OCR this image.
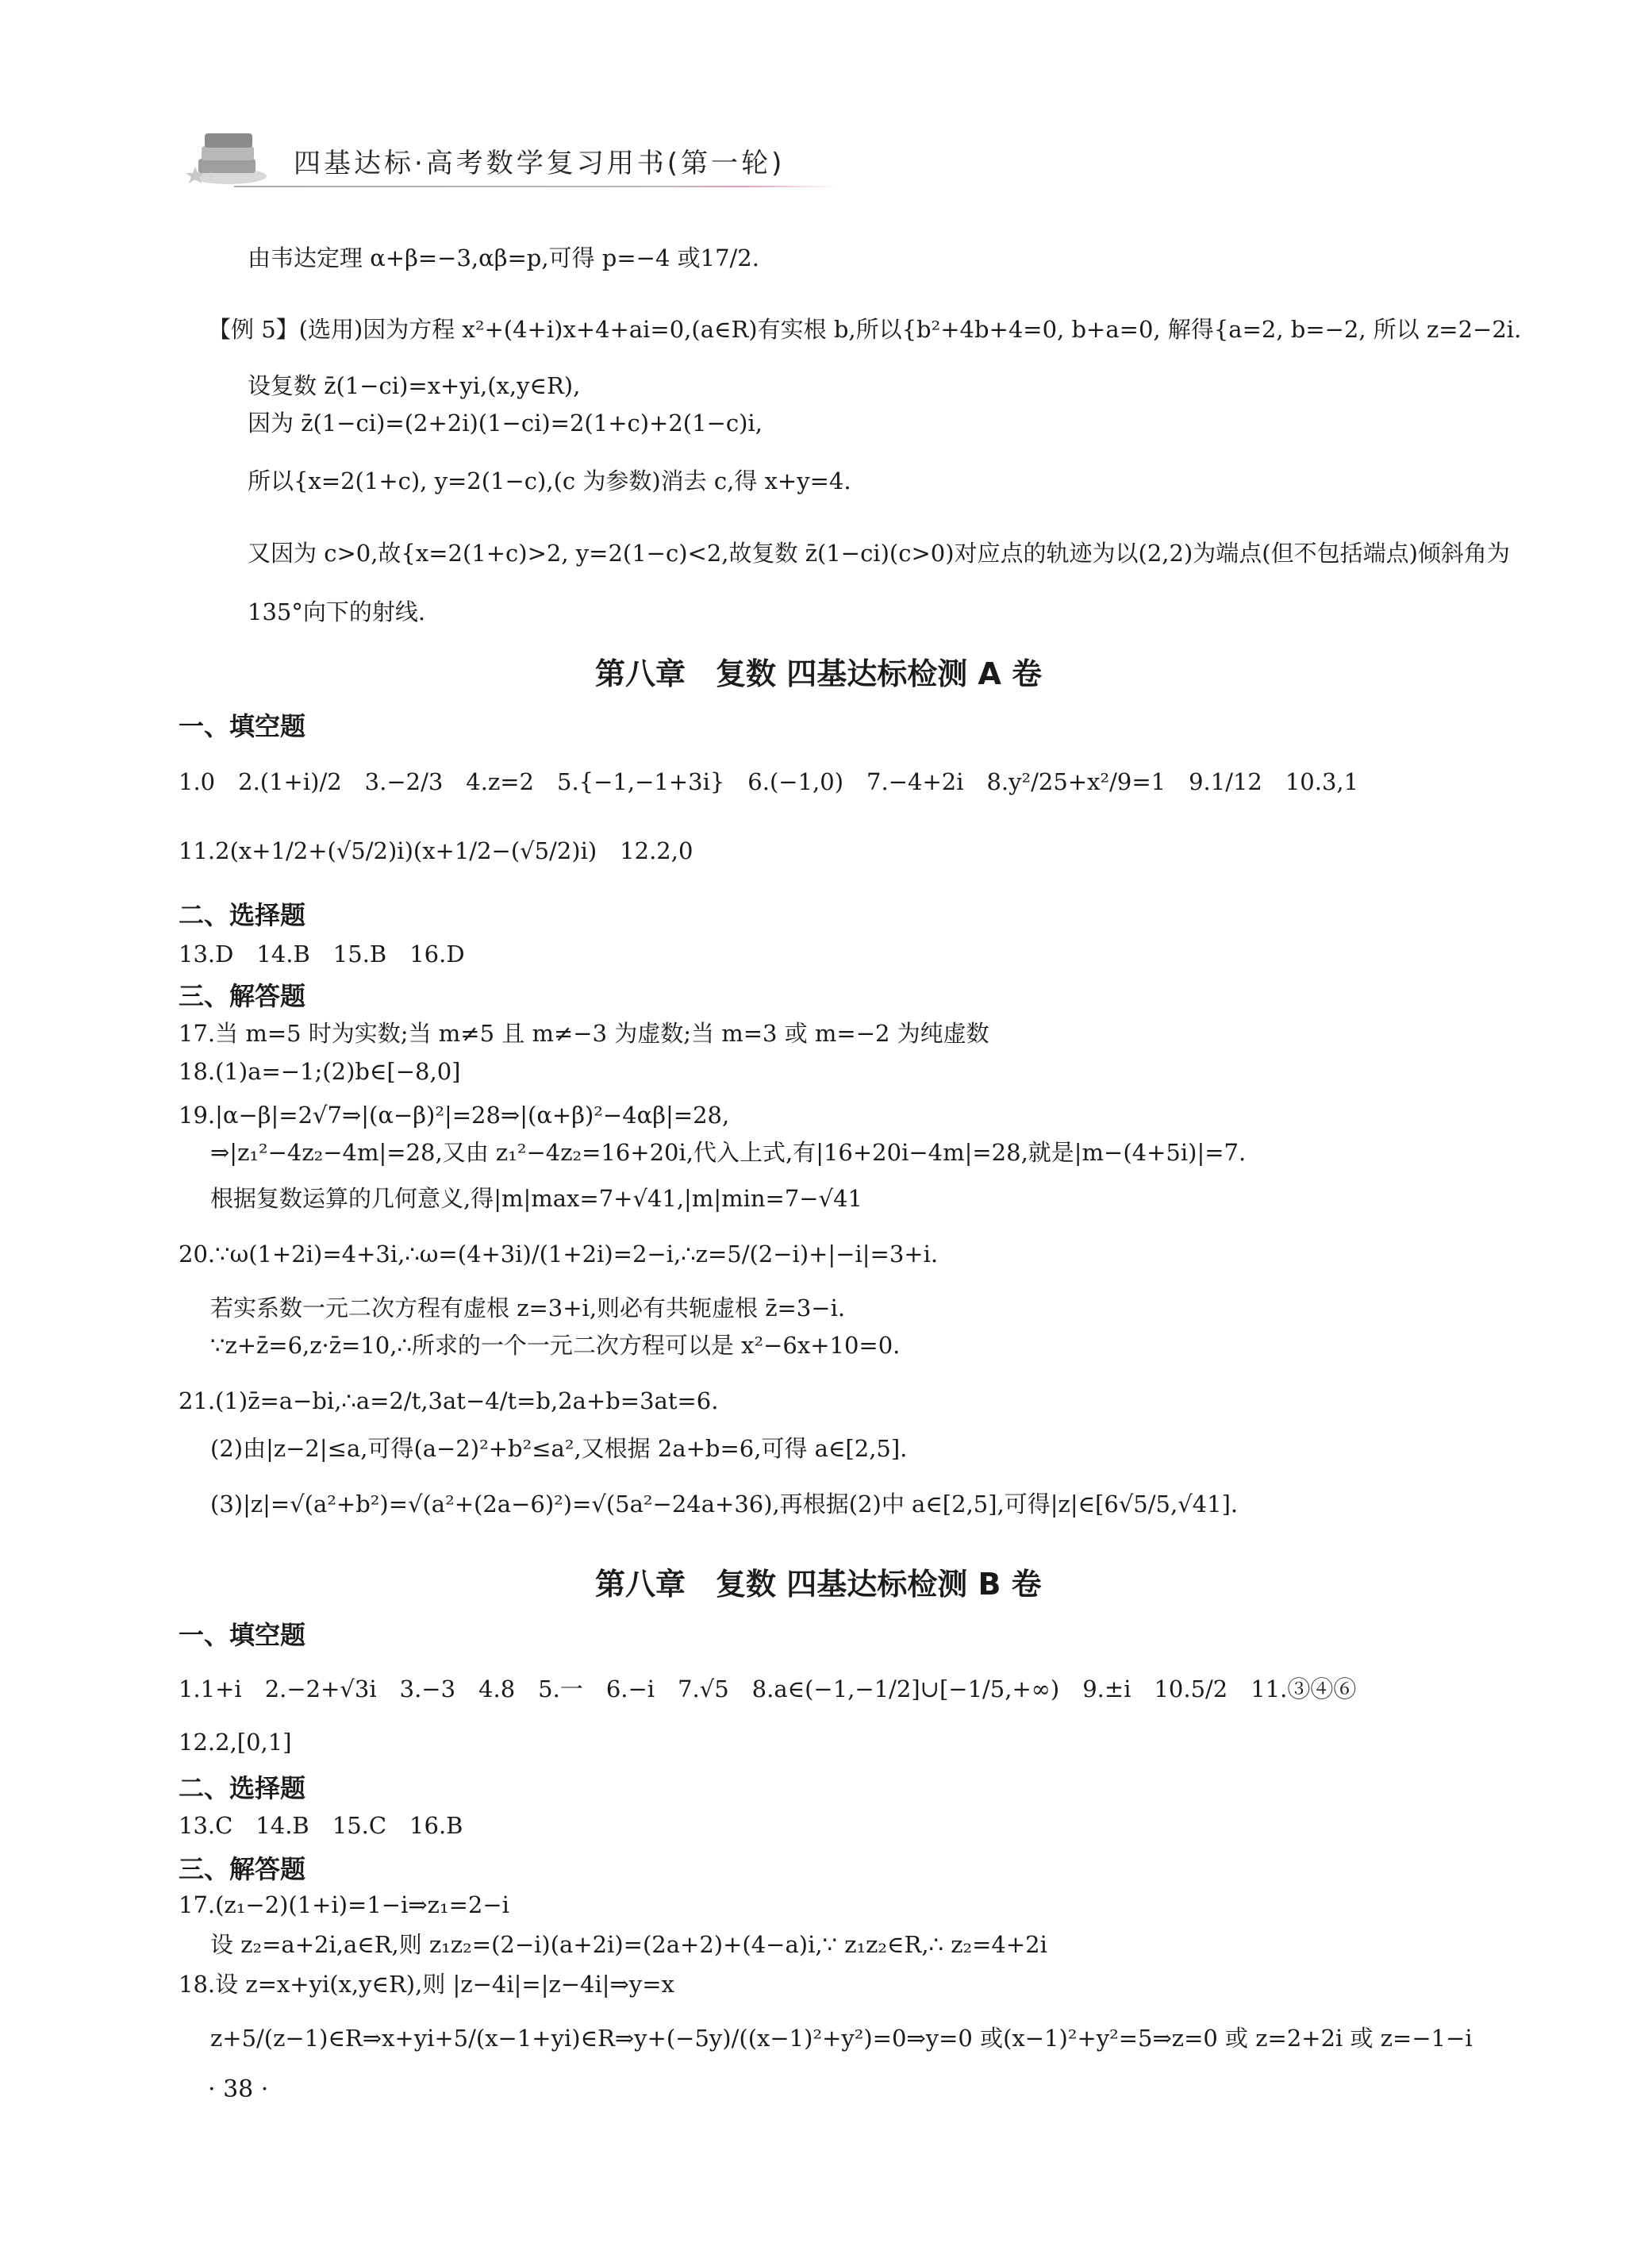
四基达标·高考数学复习用书(第一轮)
由韦达定理 α+β=−3,αβ=p,可得 p=−4 或17/2.
【例 5】(选用)因为方程 x²+(4+i)x+4+ai=0,(a∈R)有实根 b,所以{b²+4b+4=0, b+a=0, 解得{a=2, b=−2, 所以 z=2−2i.
设复数 z̄(1−ci)=x+yi,(x,y∈R),
因为 z̄(1−ci)=(2+2i)(1−ci)=2(1+c)+2(1−c)i,
所以{x=2(1+c), y=2(1−c),(c 为参数)消去 c,得 x+y=4.
又因为 c>0,故{x=2(1+c)>2, y=2(1−c)<2,故复数 z̄(1−ci)(c>0)对应点的轨迹为以(2,2)为端点(但不包括端点)倾斜角为
135°向下的射线.
第八章　复数 四基达标检测 A 卷
一、填空题
1.0　2.(1+i)/2　3.−2/3　4.z=2　5.{−1,−1+3i}　6.(−1,0)　7.−4+2i　8.y²/25+x²/9=1　9.1/12　10.3,1
11.2(x+1/2+(√5/2)i)(x+1/2−(√5/2)i)　12.2,0
二、选择题
13.D　14.B　15.B　16.D
三、解答题
17.当 m=5 时为实数;当 m≠5 且 m≠−3 为虚数;当 m=3 或 m=−2 为纯虚数
18.(1)a=−1;(2)b∈[−8,0]
19.|α−β|=2√7⇒|(α−β)²|=28⇒|(α+β)²−4αβ|=28,
⇒|z₁²−4z₂−4m|=28,又由 z₁²−4z₂=16+20i,代入上式,有|16+20i−4m|=28,就是|m−(4+5i)|=7.
根据复数运算的几何意义,得|m|max=7+√41,|m|min=7−√41
20.∵ω(1+2i)=4+3i,∴ω=(4+3i)/(1+2i)=2−i,∴z=5/(2−i)+|−i|=3+i.
若实系数一元二次方程有虚根 z=3+i,则必有共轭虚根 z̄=3−i.
∵z+z̄=6,z·z̄=10,∴所求的一个一元二次方程可以是 x²−6x+10=0.
21.(1)z̄=a−bi,∴a=2/t,3at−4/t=b,2a+b=3at=6.
(2)由|z−2|≤a,可得(a−2)²+b²≤a²,又根据 2a+b=6,可得 a∈[2,5].
(3)|z|=√(a²+b²)=√(a²+(2a−6)²)=√(5a²−24a+36),再根据(2)中 a∈[2,5],可得|z|∈[6√5/5,√41].
第八章　复数 四基达标检测 B 卷
一、填空题
1.1+i　2.−2+√3i　3.−3　4.8　5.一　6.−i　7.√5　8.a∈(−1,−1/2]∪[−1/5,+∞)　9.±i　10.5/2　11.③④⑥
12.2,[0,1]
二、选择题
13.C　14.B　15.C　16.B
三、解答题
17.(z₁−2)(1+i)=1−i⇒z₁=2−i
设 z₂=a+2i,a∈R,则 z₁z₂=(2−i)(a+2i)=(2a+2)+(4−a)i,∵ z₁z₂∈R,∴ z₂=4+2i
18.设 z=x+yi(x,y∈R),则 |z−4i|=|z−4i|⇒y=x
z+5/(z−1)∈R⇒x+yi+5/(x−1+yi)∈R⇒y+(−5y)/((x−1)²+y²)=0⇒y=0 或(x−1)²+y²=5⇒z=0 或 z=2+2i 或 z=−1−i
· 38 ·
